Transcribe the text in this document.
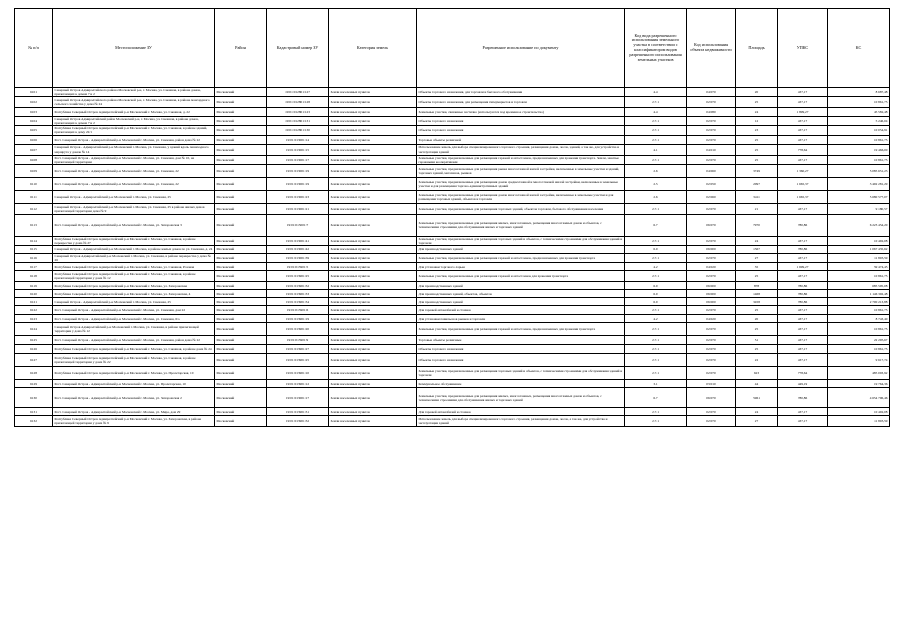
№ п/п	Местоположение ЗУ	Район	Кадастровый номер ЗУ	Категория земель	Разрешенное использование по документу	Код вида разрешенного использования земельного участка в соответствии с классификатором видов разрешенного использования земельных участков	Код использования объекта недвижимости	Площадь	УПКС	КС
6101	Северный Остров Адмиралтейского района Московской р-н, г. Москва, ул. Снежная, в районе домов, прилегающих к домам 7 и 2	Московский	19:01:012801:127	Земли населенных пунктов	Объекты торгового назначения, для торговли и бытового обслуживания	4.4	04:070	20	437,17	8 687,48
6102	Северный Остров Адмиралтейского района Московской р-н, г. Москва, ул. Снежная, в районе мансардного сельского хозяйства у дома № 24	Московский	19:01:012801:128	Земли населенных пунктов	Объекты торгового назначения, для размещения гипермаркетов и торговли	2.7.1	02:070	25	437,17	10 861,75
6103	Республика Северный Остров Адмиралтейский р-н Московский г. Москва, ул. Снежная, д. 22	Московский	19:01:012801:123	Земли населенных пунктов	Земельные участки, связанные частично (используются под временное строительство)	4.4	04:080	24	1 899,27	45 582,48
6104	Северный Остров Адмиралтейский район Московский р-н, г. Москва, ул. Снежная, в районе домов, прилегающих к домам 7 и 2	Московский	19:01:012801:131	Земли населенных пунктов	Объекты торгового назначения	2.7.1	02:070	12	437,17	5 246,04
6105	Республика Северный Остров Адмиралтейский р-н Московский г. Москва, ул. Снежная, в районе зданий, прилегающих к дому 22/1	Московский	19:01:012801:130	Земли населенных пунктов	Объекты торгового назначения	2.7.1	02:070	23	437,17	10 054,91
6106	Рест. Северный Остров - Адмиралтейский р-н Московский г. Москва, ул. Снежная, район дома № 22	Московский	19:01:013001:14	Земли населенных пунктов	Торговые объекты розничной	2.7.1	02:070	25	437,17	10 861,75
6107	Северный Остров - Адмиралтейский р-н Московский г. Москва, ул. Снежная, у зданий вдоль пешеходного маршрута у домов № 14	Московский	19:01:013001:15	Земли населенных пунктов	Использование земель для выбора специализированного торгового строения, размещения домов, лесов, зданий, а так же, для устройства и эксплуатации зданий	4.1	04:010	25	778,64	19 466,00
6108	Рест. Северный Остров - Адмиралтейский р-н Московский г. Москва, ул. Снежная, дом № 10, на прилегающей территории	Московский	19:01:013001:17	Земли населенных пунктов	Земельные участки, предназначенные для размещения гаражей и автостоянок, предназначенных для хранения транспорта. Земли, занятые гаражными кооперативами	2.7.1	02:070	25	437,17	10 861,75
6109	Рест. Северный Остров - Адмиралтейский р-н Московский г. Москва, ул. Снежная, 22	Московский	19:01:013001:19	Земли населенных пунктов	Земельные участки, предназначенные для размещения рынка многоэтажной жилой застройки, включенные в земельные участки и зданий, торговых зданий, магазинов, рынков	2.6	04:060	3749	1 360,27	5 085 651,23
6110	Рест. Северный Остров - Адмиралтейский р-н Московский г. Москва, ул. Снежная, 22	Московский	19:01:013001:19	Земли населенных пунктов	Земельные участки, предназначенные для размещения домов среднеэтажной и многоэтажной жилой застройки, включенные в земельные участки и для размещения торгово-административных зданий	2.5	02:050	2097	1 665,37	3 492 281,29
6111	Северный Остров - Адмиралтейский р-н Московский г. Москва, ул. Снежная, 25	Московский	19:01:013001:23	Земли населенных пунктов	Земельные участки, предназначенные для размещения домов многоэтажной жилой застройки, включенные в земельные участки и для размещения торговых зданий, объектов и торговли	2.6	02:060	3411	1 665,37	5 680 577,07
6112	Северный Остров - Адмиралтейский р-н Московский г. Москва, ул. Снежная, 25 в районе жилых домов прилегающей территории дома № 9	Московский	19:01:013001:21	Земли населенных пунктов	Земельные участки, предназначенные для размещения торговых зданий, объектов торговли, бытового обслуживания населения	2.7.1	02:070	21	437,17	9 180,57
6113	Рест. Северный Остров - Адмиралтейский р-н Московский г. Москва, ул. Запорожская 3	Московский	19:01:013001:7	Земли населенных пунктов	Земельные участки, предназначенные для размещения жилых, многоэтажных, размещения многоэтажных домов и объектов, с техническими строениями для обслуживания жилых и торговых зданий	6.7	06:070	7970	780,86	6 223 454,20
6114	Республика Северный Остров Адмиралтейский р-н Московский г. Москва, ул. Снежная, в районе перекрестка у дома № 27	Московский	19:01:013001:41	Земли населенных пунктов	Земельные участки, предназначенные для размещения торговых зданий и объектов, с техническими строениями для обслуживания зданий и торговли	2.7.1	02:070	24	437,17	10 492,08
6115	Северный Остров - Адмиралтейский р-н Московский г. Москва, в районе жилых домов по ул. Снежная, д. 24	Московский	19:01:013001:42	Земли населенных пунктов	Для производственных зданий	6.0	06:000	1367	780,86	1 067 435,62
6116	Северный Остров Адмиралтейский р-н Московский г. Москва, ул. Снежная, в районе перекрестка у дома № 26	Московский	19:01:013001:39	Земли населенных пунктов	Земельные участки, предназначенные для размещения гаражей и автостоянок, предназначенных для хранения транспорта	2.7.1	02:070	27	437,17	11 803,59
6117	Республика Северный Остров Адмиралтейский р-н Московский г. Москва, ул. Снежная, Розовая	Московский	19:01:013901:5	Земли населенных пунктов	Для установки торгового ларька	4.2	04:020	35	1 699,27	59 474,45
6118	Республика Северный Остров Адмиралтейский р-н Московский г. Москва, ул. Снежная, в районе прилегающей территории у дома № 12	Московский	19:01:013901:25	Земли населенных пунктов	Земельные участки, предназначенные для размещения гаражей и автостоянок для хранения транспорта	2.7.1	02:070	25	437,17	10 861,75
6119	Республика Северный Остров Адмиралтейский р-н Московский г. Москва, ул. Запорожская	Московский	19:01:013901:32	Земли населенных пунктов	Для производственных зданий	6.0	06:000	878	780,86	685 595,08
6120	Республика Северный Остров Адмиралтейский р-н Московский г. Москва, ул. Запорожская, 4	Московский	19:01:013901:33	Земли населенных пунктов	Для производственных зданий, объектов, объектов	6.0	06:000	1468	780,86	1 146 302,48
6121	Северный Остров - Адмиралтейский р-н Московский г. Москва, ул. Снежная, 25	Московский	19:01:013901:34	Земли населенных пунктов	Для производственных зданий	6.0	06:000	3458	780,86	2 700 213,88
6122	Рест. Северный Остров - Адмиралтейский р-н Московский г. Москва, ул. Снежная, дом 22	Московский	19:01:013901:6	Земли населенных пунктов	Для гаражей автомобилей и стоянок	2.7.1	02:070	25	437,17	10 861,75
6123	Рест. Северный Остров - Адмиралтейский р-н Московский г. Москва, ул. Снежная, 6/а	Московский	19:01:013901:19	Земли населенных пунктов	Для установки павильонов рынков и торговли	4.2	04:020	20	437,17	8 743,40
6124	Северный Остров Адмиралтейский р-н Московский г. Москва, ул. Снежная, в районе прилегающей территории у дома № 12	Московский	19:01:013901:20	Земли населенных пунктов	Земельные участки, предназначенные для размещения гаражей и автостоянок, предназначенных для хранения транспорта	2.7.1	02:070	25	437,17	10 861,75
6125	Рест. Северный Остров - Адмиралтейский р-н Московский г. Москва, ул. Снежная, район дома № 22	Московский	19:01:013901:9	Земли населенных пунктов	Торговые объекты розничные	2.7.1	02:070	51	437,17	22 295,67
6126	Республика Северный Остров Адмиралтейский р-н Московский г. Москва, ул. Снежная, в районе дома № 24	Московский	19:01:013901:27	Земли населенных пунктов	Объекты торгового назначения	2.7.1	02:070	25	437,17	10 861,75
6127	Республика Северный Остров Адмиралтейский р-н Московский г. Москва, ул. Снежная, в районе прилегающей территории у дома № 22	Московский	19:01:013901:25	Земли населенных пунктов	Объекты торгового назначения	2.7.1	02:070	22	437,17	9 617,74
6128	Республика Северный Остров Адмиралтейский р-н Московский г. Москва, ул. Пролетарская, 10	Московский	19:01:013901:10	Земли населенных пунктов	Земельные участки, предназначенные для размещения торговых зданий и объектов, с техническими строениями для обслуживания зданий и торговли	2.7.1	02:070	623	778,64	485 093,92
6129	Рест. Северный Остров - Адмиралтейский р-н Московский г. Москва, ул. Пролетарская, 10	Московский	19:01:013901:12	Земли населенных пунктов	Коммунальное обслуживание	3.1	03:010	44	449,19	19 764,36
6130	Рест. Северный Остров - Адмиралтейский р-н Московский г. Москва, ул. Запорожская 2	Московский	19:01:013001:17	Земли населенных пунктов	Земельные участки, предназначенные для размещения жилых, многоэтажных, размещения многоэтажных домов и объектов, с техническими строениями для обслуживания жилых и торговых зданий	6.7	06:070	5961	780,86	4 654 706,46
6131	Рест. Северный Остров - Адмиралтейский р-н Московский г. Москва, ул. Мира, дом 29	Московский	19:01:013901:31	Земли населенных пунктов	Для гаражей автомобилей и стоянок	2.7.1	02:070	24	437,17	10 492,08
6132	Республика Северный Остров Адмиралтейский р-н Московский г. Москва, ул. Запорожская, в районе прилегающей территории у дома № 9	Московский	19:01:013901:32	Земли населенных пунктов	Использование земель для выбора специализированного торгового строения, размещения домов, лесов, а так же, для устройства и эксплуатации зданий	2.7.1	02:070	27	437,17	11 803,59
